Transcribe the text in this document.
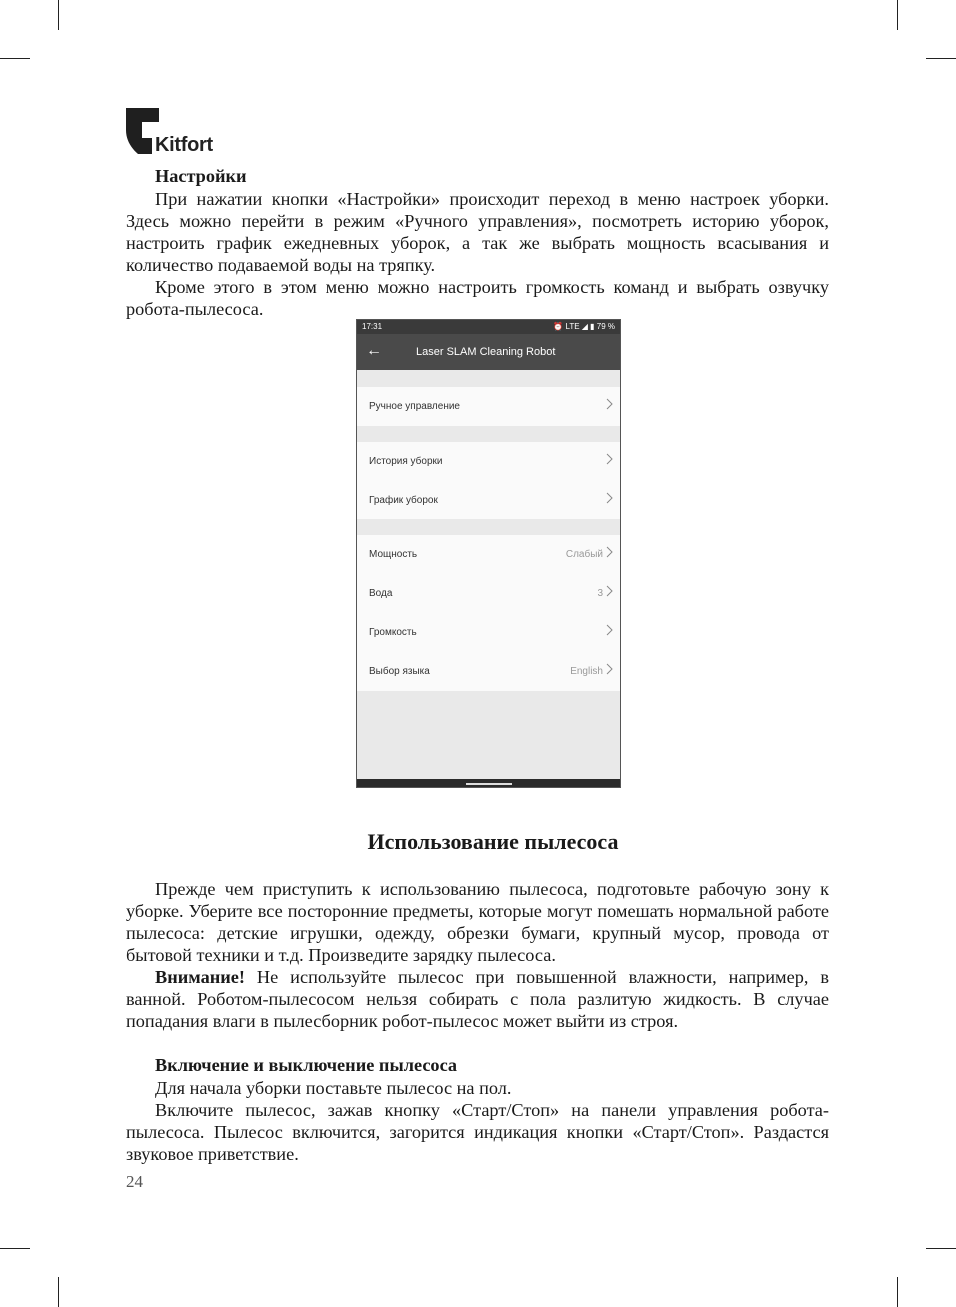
Kitfort
Настройки

При нажатии кнопки «Настройки» происходит переход в меню настроек уборки. Здесь можно перейти в режим «Ручного управления», посмотреть историю уборок, настроить график ежедневных уборок, а так же выбрать мощность всасывания и количество подаваемой воды на тряпку.

Кроме этого в этом меню можно настроить громкость команд и выбрать озвучку робота-пылесоса.

17:31	⏰ LTE ◢ ▮ 79 %
←	Laser SLAM Cleaning Robot
Ручное управление
История уборки
График уборок
Мощность	Слабый
Вода	3
Громкость
Выбор языка	English
Использование пылесоса

Прежде чем приступить к использованию пылесоса, подготовьте рабочую зону к уборке. Уберите все посторонние предметы, которые могут помешать нормальной работе пылесоса: детские игрушки, одежду, обрезки бумаги, крупный мусор, провода от бытовой техники и т.д. Произведите зарядку пылесоса.

Внимание! Не используйте пылесос при повышенной влажности, например, в ванной. Роботом-пылесосом нельзя собирать с пола разлитую жидкость. В случае попадания влаги в пылесборник робот-пылесос может выйти из строя.

Включение и выключение пылесоса

Для начала уборки поставьте пылесос на пол.

Включите пылесос, зажав кнопку «Старт/Стоп» на панели управления робота-пылесоса. Пылесос включится, загорится индикация кнопки «Старт/Стоп». Раздастся звуковое приветствие.

24
